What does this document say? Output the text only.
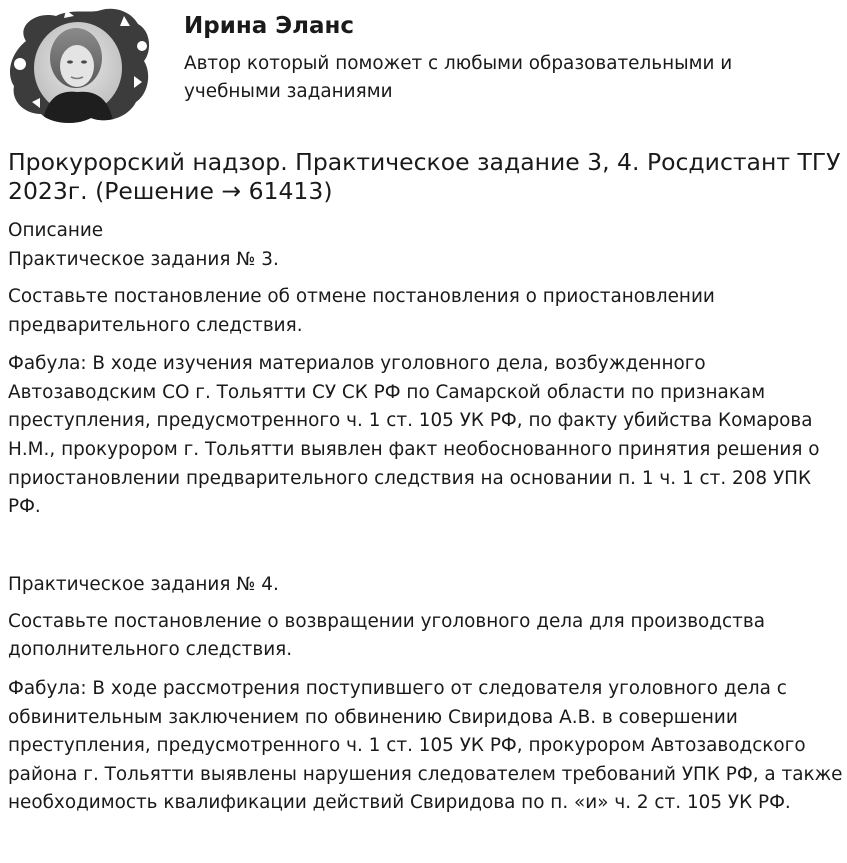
Ирина Эланс

Автор который поможет с любыми образовательными и учебными заданиями

Прокурорский надзор. Практическое задание 3, 4. Росдистант ТГУ 2023г. (Решение → 61413)

Описание

Практическое задания № 3.

Составьте постановление об отмене постановления о приостановлении предварительного следствия.

Фабула: В ходе изучения материалов уголовного дела, возбужденного Автозаводским СО г. Тольятти СУ СК РФ по Самарской области по признакам преступления, предусмотренного ч. 1 ст. 105 УК РФ, по факту убийства Комарова Н.М., прокурором г. Тольятти выявлен факт необоснованного принятия решения о приостановлении предварительного следствия на основании п. 1 ч. 1 ст. 208 УПК РФ.

Практическое задания № 4.

Составьте постановление о возвращении уголовного дела для производства дополнительного следствия.

Фабула: В ходе рассмотрения поступившего от следователя уголовного дела с обвинительным заключением по обвинению Свиридова А.В. в совершении преступления, предусмотренного ч. 1 ст. 105 УК РФ, прокурором Автозаводского района г. Тольятти выявлены нарушения следователем требований УПК РФ, а также необходимость квалификации действий Свиридова по п. «и» ч. 2 ст. 105 УК РФ.
